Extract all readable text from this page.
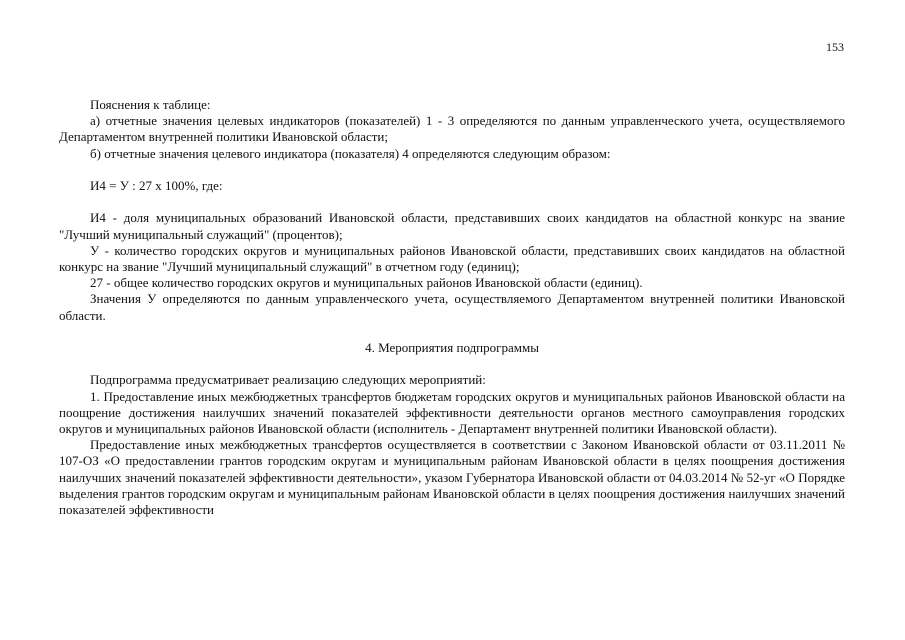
153

Пояснения к таблице:

а) отчетные значения целевых индикаторов (показателей) 1 - 3 определяются по данным управленческого учета, осуществляемого Департаментом внутренней политики Ивановской области;

б) отчетные значения целевого индикатора (показателя) 4 определяются следующим образом:

И4 = У : 27 х 100%, где:

И4 - доля муниципальных образований Ивановской области, представивших своих кандидатов на областной конкурс на звание "Лучший муниципальный служащий" (процентов);

У - количество городских округов и муниципальных районов Ивановской области, представивших своих кандидатов на областной конкурс на звание "Лучший муниципальный служащий" в отчетном году (единиц);

27 - общее количество городских округов и муниципальных районов Ивановской области (единиц).

Значения У определяются по данным управленческого учета, осуществляемого Департаментом внутренней политики Ивановской области.

4. Мероприятия подпрограммы

Подпрограмма предусматривает реализацию следующих мероприятий:

1. Предоставление иных межбюджетных трансфертов бюджетам городских округов и муниципальных районов Ивановской области на поощрение достижения наилучших значений показателей эффективности деятельности органов местного самоуправления городских округов и муниципальных районов Ивановской области (исполнитель - Департамент внутренней политики Ивановской области).

Предоставление иных межбюджетных трансфертов осуществляется в соответствии с Законом Ивановской области от 03.11.2011 № 107-ОЗ «О предоставлении грантов городским округам и муниципальным районам Ивановской области в целях поощрения достижения наилучших значений показателей эффективности деятельности», указом Губернатора Ивановской области от 04.03.2014 № 52-уг «О Порядке выделения грантов городским округам и муниципальным районам Ивановской области в целях поощрения достижения наилучших значений показателей эффективности
